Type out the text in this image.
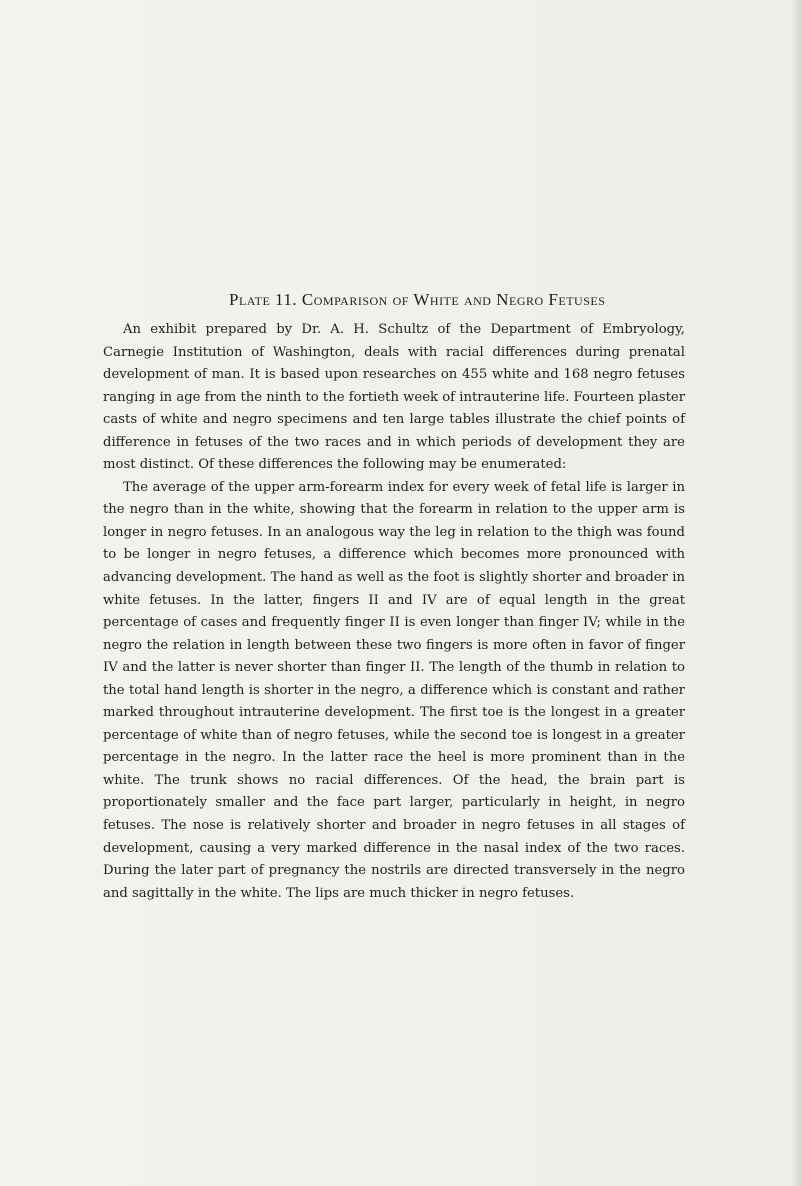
Plate 11. Comparison of White and Negro Fetuses

An exhibit prepared by Dr. A. H. Schultz of the Department of Embryology, Carnegie Institution of Washington, deals with racial differences during prenatal development of man. It is based upon researches on 455 white and 168 negro fetuses ranging in age from the ninth to the fortieth week of intrauterine life. Fourteen plaster casts of white and negro specimens and ten large tables illustrate the chief points of difference in fetuses of the two races and in which periods of development they are most distinct. Of these differences the following may be enumerated:

The average of the upper arm-forearm index for every week of fetal life is larger in the negro than in the white, showing that the forearm in relation to the upper arm is longer in negro fetuses. In an analogous way the leg in relation to the thigh was found to be longer in negro fetuses, a difference which becomes more pronounced with advancing development. The hand as well as the foot is slightly shorter and broader in white fetuses. In the latter, fingers II and IV are of equal length in the great percentage of cases and frequently finger II is even longer than finger IV; while in the negro the relation in length between these two fingers is more often in favor of finger IV and the latter is never shorter than finger II. The length of the thumb in relation to the total hand length is shorter in the negro, a difference which is constant and rather marked throughout intrauterine development. The first toe is the longest in a greater percentage of white than of negro fetuses, while the second toe is longest in a greater percentage in the negro. In the latter race the heel is more prominent than in the white. The trunk shows no racial differences. Of the head, the brain part is proportionately smaller and the face part larger, particularly in height, in negro fetuses. The nose is relatively shorter and broader in negro fetuses in all stages of development, causing a very marked difference in the nasal index of the two races. During the later part of pregnancy the nostrils are directed transversely in the negro and sagittally in the white. The lips are much thicker in negro fetuses.
